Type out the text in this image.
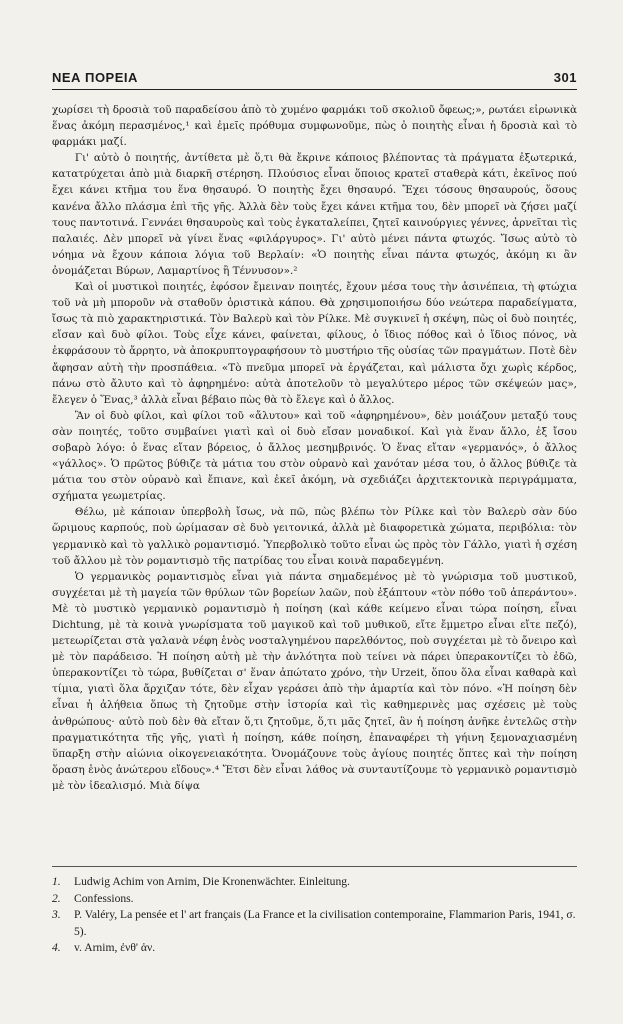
ΝΕΑ ΠΟΡΕΙΑ	301

χωρίσει τὴ δροσιὰ τοῦ παραδείσου ἀπὸ τὸ χυμένο φαρμάκι τοῦ σκολιοῦ ὄφεως;», ρωτάει εἰρωνικὰ ἕνας ἀκόμη περασμένος,¹ καὶ ἐμεῖς πρόθυμα συμφωνοῦμε, πὼς ὁ ποιητὴς εἶναι ἡ δροσιὰ καὶ τὸ φαρμάκι μαζί.

Γι' αὐτὸ ὁ ποιητής, ἀντίθετα μὲ ὅ,τι θὰ ἔκρινε κάποιος βλέποντας τὰ πράγματα ἐξωτερικά, κατατρύχεται ἀπὸ μιὰ διαρκῆ στέρηση. Πλούσιος εἶναι ὅποιος κρατεῖ σταθερὰ κάτι, ἐκεῖνος πού ἔχει κάνει κτῆμα του ἕνα θησαυρό. Ὁ ποιητὴς ἔχει θησαυρό. Ἔχει τόσους θησαυρούς, ὅσους κανένα ἄλλο πλάσμα ἐπὶ τῆς γῆς. Ἀλλὰ δὲν τοὺς ἔχει κάνει κτῆμα του, δὲν μπορεῖ νὰ ζήσει μαζί τους παντοτινά. Γεννάει θησαυροὺς καὶ τοὺς ἐγκαταλείπει, ζητεῖ καινούργιες γέννες, ἀρνεῖται τὶς παλαιές. Δὲν μπορεῖ νὰ γίνει ἕνας «φιλάργυρος». Γι' αὐτὸ μένει πάντα φτωχός. Ἴσως αὐτὸ τὸ νόημα νὰ ἔχουν κάποια λόγια τοῦ Βερλαίν: «Ὁ ποιητὴς εἶναι πάντα φτωχός, ἀκόμη κι ἂν ὀνομάζεται Βύρων, Λαμαρτίνος ἢ Τέννυσον».²

Καὶ οἱ μυστικοὶ ποιητές, ἐφόσον ἔμειναν ποιητές, ἔχουν μέσα τους τὴν ἀσινέπεια, τὴ φτώχια τοῦ νὰ μὴ μποροῦν νὰ σταθοῦν ὁριστικὰ κάπου. Θὰ χρησιμοποιήσω δύο νεώτερα παραδείγματα, ἴσως τὰ πιὸ χαρακτηριστικά. Τὸν Βαλερὺ καὶ τὸν Ρίλκε. Μὲ συγκινεῖ ἡ σκέψη, πὼς οἱ δυὸ ποιητές, εἴσαν καὶ δυὸ φίλοι. Τοὺς εἶχε κάνει, φαίνεται, φίλους, ὁ ἴδιος πόθος καὶ ὁ ἴδιος πόνος, νὰ ἐκφράσουν τὸ ἄρρητο, νὰ ἀποκρυπτογραφήσουν τὸ μυστήριο τῆς οὐσίας τῶν πραγμάτων. Ποτὲ δὲν ἄφησαν αὐτὴ τὴν προσπάθεια. «Τὸ πνεῦμα μπορεῖ νὰ ἐργάζεται, καὶ μάλιστα ὄχι χωρὶς κέρδος, πάνω στὸ ἄλυτο καὶ τὸ ἀφηρημένο: αὐτὰ ἀποτελοῦν τὸ μεγαλύτερο μέρος τῶν σκέψεών μας», ἔλεγεν ὁ Ἕνας,³ ἀλλὰ εἶναι βέβαιο πὼς θὰ τὸ ἔλεγε καὶ ὁ ἄλλος.

Ἂν οἱ δυὸ φίλοι, καὶ φίλοι τοῦ «ἄλυτου» καὶ τοῦ «ἀφηρημένου», δὲν μοιάζουν μεταξύ τους σὰν ποιητές, τοῦτο συμβαίνει γιατὶ καὶ οἱ δυὸ εἴσαν μοναδικοί. Καὶ γιὰ ἕναν ἄλλο, ἐξ ἴσου σοβαρὸ λόγο: ὁ ἕνας εἴταν βόρειος, ὁ ἄλλος μεσημβρινός. Ὁ ἕνας εἴταν «γερμανός», ὁ ἄλλος «γάλλος». Ὁ πρῶτος βύθιζε τὰ μάτια του στὸν οὐρανὸ καὶ χανόταν μέσα του, ὁ ἄλλος βύθιζε τὰ μάτια του στὸν οὐρανὸ καὶ ἔπιανε, καὶ ἐκεῖ ἀκόμη, νὰ σχεδιάζει ἀρχιτεκτονικὰ περιγράμματα, σχήματα γεωμετρίας.

Θέλω, μὲ κάποιαν ὑπερβολὴ ἴσως, νὰ πῶ, πὼς βλέπω τὸν Ρίλκε καὶ τὸν Βαλερὺ σὰν δύο ὥριμους καρπούς, ποὺ ὡρίμασαν σὲ δυὸ γειτονικά, ἀλλὰ μὲ διαφορετικὰ χώματα, περιβόλια: τὸν γερμανικὸ καὶ τὸ γαλλικὸ ρομαντισμό. Ὑπερβολικὸ τοῦτο εἶναι ὡς πρὸς τὸν Γάλλο, γιατὶ ἡ σχέση τοῦ ἄλλου μὲ τὸν ρομαντισμὸ τῆς πατρίδας του εἶναι κοινὰ παραδεγμένη.

Ὁ γερμανικὸς ρομαντισμὸς εἶναι γιὰ πάντα σημαδεμένος μὲ τὸ γνώρισμα τοῦ μυστικοῦ, συγχέεται μὲ τὴ μαγεία τῶν θρύλων τῶν βορείων λαῶν, ποὺ ἐξάπτουν «τὸν πόθο τοῦ ἀπεράντου». Μὲ τὸ μυστικὸ γερμανικὸ ρομαντισμὸ ἡ ποίηση (καὶ κάθε κείμενο εἶναι τώρα ποίηση, εἶναι Dichtung, μὲ τὰ κοινὰ γνωρίσματα τοῦ μαγικοῦ καὶ τοῦ μυθικοῦ, εἴτε ἔμμετρο εἶναι εἴτε πεζό), μετεωρίζεται στὰ γαλανὰ νέφη ἑνὸς νοσταλγημένου παρελθόντος, ποὺ συγχέεται μὲ τὸ ὄνειρο καὶ μὲ τὸν παράδεισο. Ἡ ποίηση αὐτὴ μὲ τὴν ἀνλότητα ποὺ τείνει νὰ πάρει ὑπερακοντίζει τὸ ἐδῶ, ὑπερακοντίζει τὸ τώρα, βυθίζεται σ' ἕναν ἀπώτατο χρόνο, τὴν Urzeit, ὅπου ὅλα εἶναι καθαρὰ καὶ τίμια, γιατὶ ὅλα ἄρχιζαν τότε, δὲν εἶχαν γεράσει ἀπὸ τὴν ἁμαρτία καὶ τὸν πόνο. «Ἡ ποίηση δὲν εἶναι ἡ ἀλήθεια ὅπως τὴ ζητοῦμε στὴν ἱστορία καὶ τὶς καθημερινὲς μας σχέσεις μὲ τοὺς ἀνθρώπους· αὐτὸ ποὺ δὲν θὰ εἴταν ὅ,τι ζητοῦμε, ὅ,τι μᾶς ζητεῖ, ἂν ἡ ποίηση ἀνῆκε ἐντελῶς στὴν πραγματικότητα τῆς γῆς, γιατὶ ἡ ποίηση, κάθε ποίηση, ἐπαναφέρει τὴ γήινη ξεμοναχιασμένη ὕπαρξη στὴν αἰώνια οἰκογενειακότητα. Ὀνομάζουνε τοὺς ἁγίους ποιητές ὅπτες καὶ τὴν ποίηση ὅραση ἑνὸς ἀνώτερου εἴδους».⁴ Ἔτσι δὲν εἶναι λάθος νὰ συνταυτίζουμε τὸ γερμανικὸ ρομαντισμὸ μὲ τὸν ἰδεαλισμό. Μιὰ δίψα

1.	Ludwig Achim von Arnim, Die Kronenwächter. Einleitung.
2.	Confessions.
3.	P. Valéry, La pensée et l' art français (La France et la civilisation contemporaine, Flammarion Paris, 1941, σ. 5).
4.	v. Arnim, ἐνθ' ἀν.
